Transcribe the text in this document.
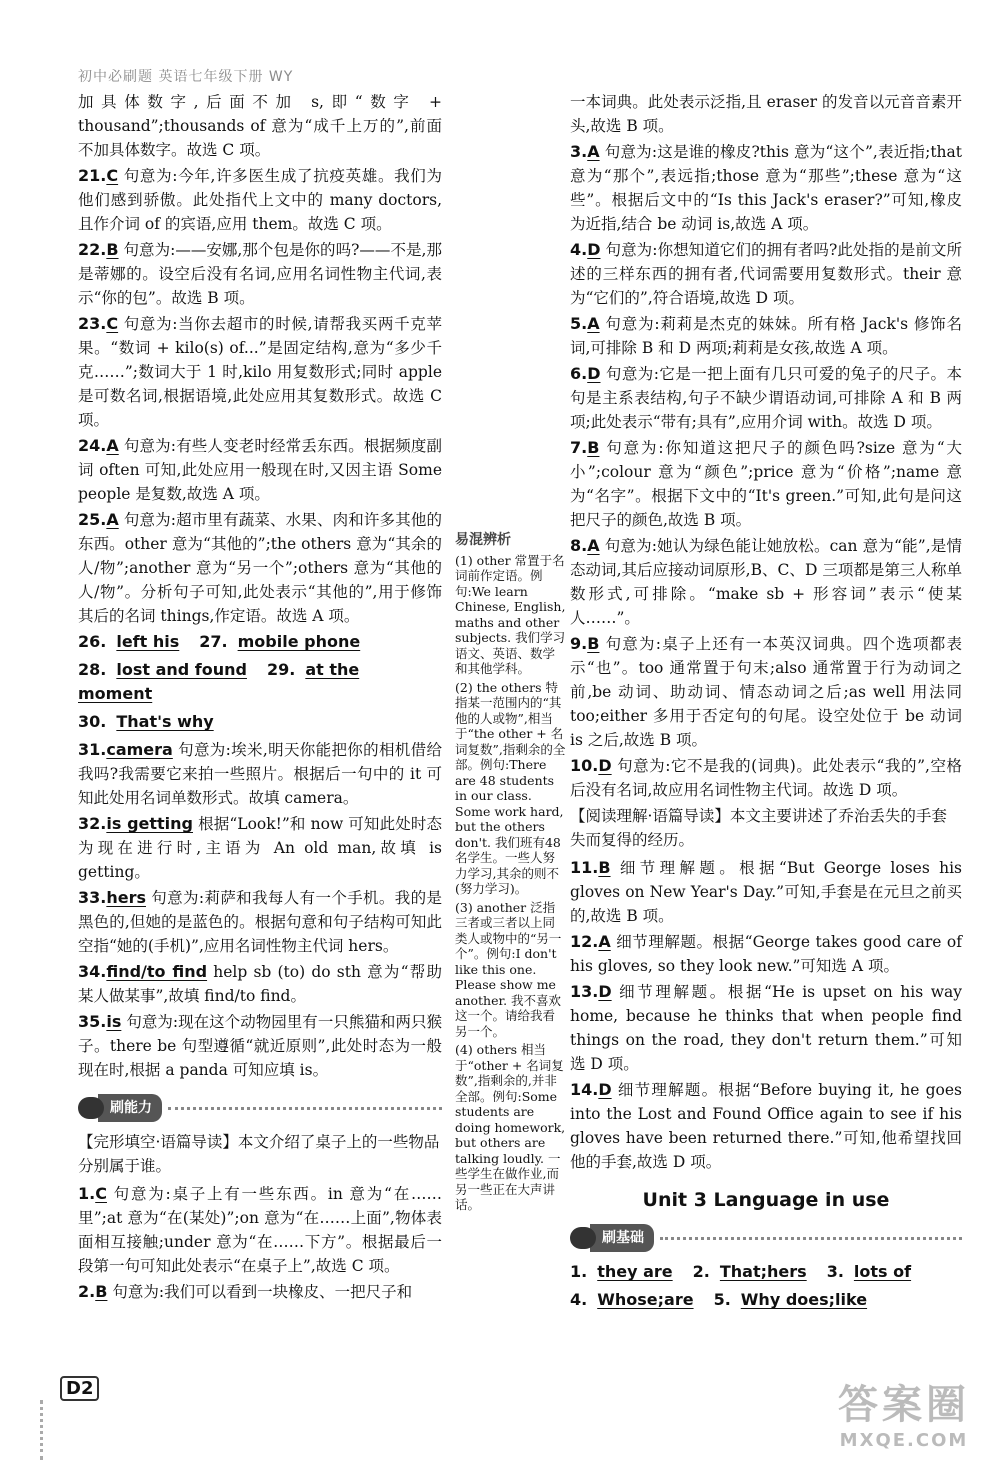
初中必刷题 英语七年级下册 WY

加具体数字,后面不加 s,即“数字 + thousand”;thousands of 意为“成千上万的”,前面不加具体数字。故选 C 项。

21.C 句意为:今年,许多医生成了抗疫英雄。我们为他们感到骄傲。此处指代上文中的 many doctors,且作介词 of 的宾语,应用 them。故选 C 项。

22.B 句意为:——安娜,那个包是你的吗?——不是,那是蒂娜的。设空后没有名词,应用名词性物主代词,表示“你的包”。故选 B 项。

23.C 句意为:当你去超市的时候,请帮我买两千克苹果。“数词 + kilo(s) of...”是固定结构,意为“多少千克……”;数词大于 1 时,kilo 用复数形式;同时 apple 是可数名词,根据语境,此处应用其复数形式。故选 C 项。

24.A 句意为:有些人变老时经常丢东西。根据频度副词 often 可知,此处应用一般现在时,又因主语 Some people 是复数,故选 A 项。

25.A 句意为:超市里有蔬菜、水果、肉和许多其他的东西。other 意为“其他的”;the others 意为“其余的人/物”;another 意为“另一个”;others 意为“其他的人/物”。分析句子可知,此处表示“其他的”,用于修饰其后的名词 things,作定语。故选 A 项。

26. left his 27. mobile phone
28. lost and found 29. at the moment
30. That's why

31.camera 句意为:埃米,明天你能把你的相机借给我吗?我需要它来拍一些照片。根据后一句中的 it 可知此处用名词单数形式。故填 camera。

32.is getting 根据“Look!”和 now 可知此处时态为现在进行时,主语为 An old man,故填 is getting。

33.hers 句意为:莉萨和我每人有一个手机。我的是黑色的,但她的是蓝色的。根据句意和句子结构可知此空指“她的(手机)”,应用名词性物主代词 hers。

34.find/to find help sb (to) do sth 意为“帮助某人做某事”,故填 find/to find。

35.is 句意为:现在这个动物园里有一只熊猫和两只猴子。there be 句型遵循“就近原则”,此处时态为一般现在时,根据 a panda 可知应填 is。

刷能力

【完形填空·语篇导读】本文介绍了桌子上的一些物品分别属于谁。

1.C 句意为:桌子上有一些东西。in 意为“在……里”;at 意为“在(某处)”;on 意为“在……上面”,物体表面相互接触;under 意为“在……下方”。根据最后一段第一句可知此处表示“在桌子上”,故选 C 项。

2.B 句意为:我们可以看到一块橡皮、一把尺子和

易混辨析

(1) other 常置于名词前作定语。例句:We learn Chinese, English, maths and other subjects. 我们学习语文、英语、数学和其他学科。

(2) the others 特指某一范围内的“其他的人或物”,相当于“the other + 名词复数”,指剩余的全部。例句:There are 48 students in our class. Some work hard, but the others don't. 我们班有48名学生。一些人努力学习,其余的则不(努力学习)。

(3) another 泛指三者或三者以上同类人或物中的“另一个”。例句:I don't like this one. Please show me another. 我不喜欢这一个。请给我看另一个。

(4) others 相当于“other + 名词复数”,指剩余的,并非全部。例句:Some students are doing homework, but others are talking loudly. 一些学生在做作业,而另一些正在大声讲话。

一本词典。此处表示泛指,且 eraser 的发音以元音音素开头,故选 B 项。

3.A 句意为:这是谁的橡皮?this 意为“这个”,表近指;that 意为“那个”,表远指;those 意为“那些”;these 意为“这些”。根据后文中的“Is this Jack's eraser?”可知,橡皮为近指,结合 be 动词 is,故选 A 项。

4.D 句意为:你想知道它们的拥有者吗?此处指的是前文所述的三样东西的拥有者,代词需要用复数形式。their 意为“它们的”,符合语境,故选 D 项。

5.A 句意为:莉莉是杰克的妹妹。所有格 Jack's 修饰名词,可排除 B 和 D 两项;莉莉是女孩,故选 A 项。

6.D 句意为:它是一把上面有几只可爱的兔子的尺子。本句是主系表结构,句子不缺少谓语动词,可排除 A 和 B 两项;此处表示“带有;具有”,应用介词 with。故选 D 项。

7.B 句意为:你知道这把尺子的颜色吗?size 意为“大小”;colour 意为“颜色”;price 意为“价格”;name 意为“名字”。根据下文中的“It's green.”可知,此句是问这把尺子的颜色,故选 B 项。

8.A 句意为:她认为绿色能让她放松。can 意为“能”,是情态动词,其后应接动词原形,B、C、D 三项都是第三人称单数形式,可排除。“make sb + 形容词”表示“使某人……”。

9.B 句意为:桌子上还有一本英汉词典。四个选项都表示“也”。too 通常置于句末;also 通常置于行为动词之前,be 动词、助动词、情态动词之后;as well 用法同 too;either 多用于否定句的句尾。设空处位于 be 动词 is 之后,故选 B 项。

10.D 句意为:它不是我的(词典)。此处表示“我的”,空格后没有名词,故应用名词性物主代词。故选 D 项。

【阅读理解·语篇导读】本文主要讲述了乔治丢失的手套失而复得的经历。

11.B 细节理解题。根据“But George loses his gloves on New Year's Day.”可知,手套是在元旦之前买的,故选 B 项。

12.A 细节理解题。根据“George takes good care of his gloves, so they look new.”可知选 A 项。

13.D 细节理解题。根据“He is upset on his way home, because he thinks that when people find things on the road, they don't return them.”可知选 D 项。

14.D 细节理解题。根据“Before buying it, he goes into the Lost and Found Office again to see if his gloves have been returned there.”可知,他希望找回他的手套,故选 D 项。

Unit 3 Language in use
刷基础
1. they are 2. That;hers 3. lots of
4. Whose;are 5. Why does;like
D2	答案圈
MXQE.COM
